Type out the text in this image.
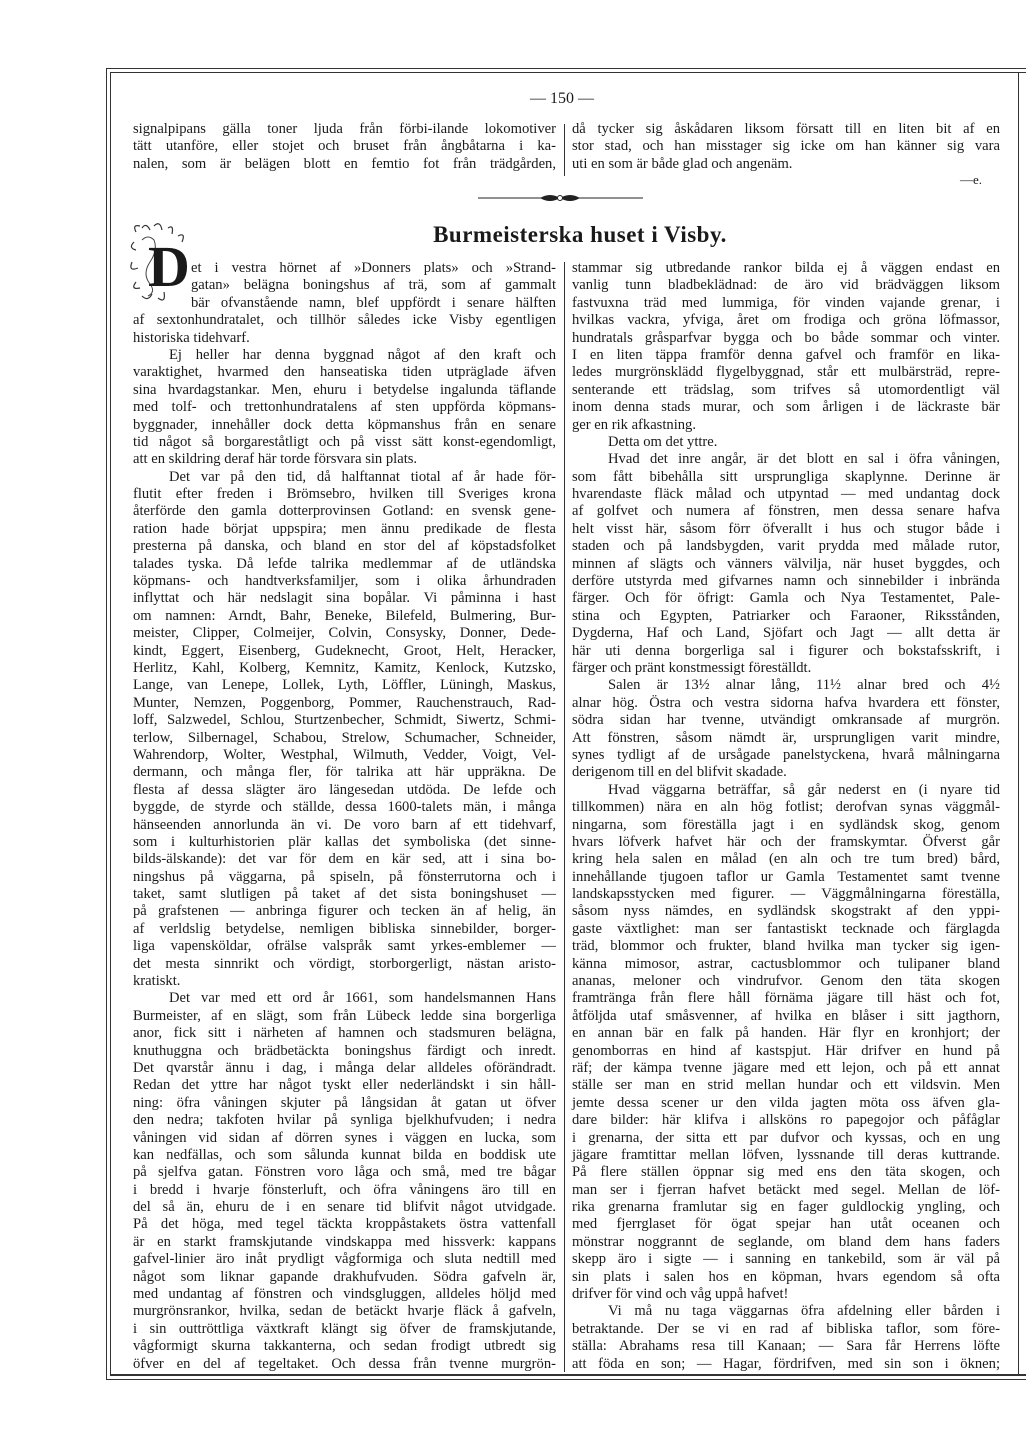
— 150 —
signalpipans gälla toner ljuda från förbi-ilande lokomotiver
tätt utanföre, eller stojet och bruset från ångbåtarna i ka-
nalen, som är belägen blott en femtio fot från trädgården,
då tycker sig åskådaren liksom försatt till en liten bit af en
stor stad, och han misstager sig icke om han känner sig vara
uti en som är både glad och angenäm.
—e.
D	Burmeisterska huset i Visby.
et i vestra hörnet af »Donners plats» och »Strand-
gatan» belägna boningshus af trä, som af gammalt
bär ofvanstående namn, blef uppfördt i senare hälften
af sextonhundratalet, och tillhör således icke Visby egentligen
historiska tidehvarf.
Ej heller har denna byggnad något af den kraft och
varaktighet, hvarmed den hanseatiska tiden utpräglade äfven
sina hvardagstankar. Men, ehuru i betydelse ingalunda täflande
med tolf- och trettonhundratalens af sten uppförda köpmans-
byggnader, innehåller dock detta köpmanshus från en senare
tid något så borgareståtligt och på visst sätt konst-egendomligt,
att en skildring deraf här torde försvara sin plats.
Det var på den tid, då halftannat tiotal af år hade för-
flutit efter freden i Brömsebro, hvilken till Sveriges krona
återförde den gamla dotterprovinsen Gotland: en svensk gene-
ration hade börjat uppspira; men ännu predikade de flesta
presterna på danska, och bland en stor del af köpstadsfolket
talades tyska. Då lefde talrika medlemmar af de utländska
köpmans- och handtverksfamiljer, som i olika århundraden
inflyttat och här nedslagit sina bopålar. Vi påminna i hast
om namnen: Arndt, Bahr, Beneke, Bilefeld, Bulmering, Bur-
meister, Clipper, Colmeijer, Colvin, Consysky, Donner, Dede-
kindt, Eggert, Eisenberg, Gudeknecht, Groot, Helt, Heracker,
Herlitz, Kahl, Kolberg, Kemnitz, Kamitz, Kenlock, Kutzsko,
Lange, van Lenepe, Lollek, Lyth, Löffler, Lüningh, Maskus,
Munter, Nemzen, Poggenborg, Pommer, Rauchenstrauch, Rad-
loff, Salzwedel, Schlou, Sturtzenbecher, Schmidt, Siwertz, Schmi-
terlow, Silbernagel, Schabou, Strelow, Schumacher, Schneider,
Wahrendorp, Wolter, Westphal, Wilmuth, Vedder, Voigt, Vel-
dermann, och många fler, för talrika att här uppräkna. De
flesta af dessa slägter äro längesedan utdöda. De lefde och
byggde, de styrde och ställde, dessa 1600-talets män, i många
hänseenden annorlunda än vi. De voro barn af ett tidehvarf,
som i kulturhistorien plär kallas det symboliska (det sinne-
bilds-älskande): det var för dem en kär sed, att i sina bo-
ningshus på väggarna, på spiseln, på fönsterrutorna och i
taket, samt slutligen på taket af det sista boningshuset —
på grafstenen — anbringa figurer och tecken än af helig, än
af verldslig betydelse, nemligen bibliska sinnebilder, borger-
liga vapensköldar, ofrälse valspråk samt yrkes-emblemer —
det mesta sinnrikt och vördigt, storborgerligt, nästan aristo-
kratiskt.
Det var med ett ord år 1661, som handelsmannen Hans
Burmeister, af en slägt, som från Lübeck ledde sina borgerliga
anor, fick sitt i närheten af hamnen och stadsmuren belägna,
knuthuggna och brädbetäckta boningshus färdigt och inredt.
Det qvarstår ännu i dag, i många delar alldeles oförändradt.
Redan det yttre har något tyskt eller nederländskt i sin håll-
ning: öfra våningen skjuter på långsidan åt gatan ut öfver
den nedra; takfoten hvilar på synliga bjelkhufvuden; i nedra
våningen vid sidan af dörren synes i väggen en lucka, som
kan nedfällas, och som sålunda kunnat bilda en boddisk ute
på sjelfva gatan. Fönstren voro låga och små, med tre bågar
i bredd i hvarje fönsterluft, och öfra våningens äro till en
del så än, ehuru de i en senare tid blifvit något utvidgade.
På det höga, med tegel täckta kroppåstakets östra vattenfall
är en starkt framskjutande vindskappa med hissverk: kappans
gafvel-linier äro inåt prydligt vågformiga och sluta nedtill med
något som liknar gapande drakhufvuden. Södra gafveln är,
med undantag af fönstren och vindsgluggen, alldeles höljd med
murgrönsrankor, hvilka, sedan de betäckt hvarje fläck å gafveln,
i sin outtröttliga växtkraft klängt sig öfver de framskjutande,
vågformigt skurna takkanterna, och sedan frodigt utbredt sig
öfver en del af tegeltaket. Och dessa från tvenne murgrön-
stammar sig utbredande rankor bilda ej å väggen endast en
vanlig tunn bladbeklädnad: de äro vid brädväggen liksom
fastvuxna träd med lummiga, för vinden vajande grenar, i
hvilkas vackra, yfviga, året om frodiga och gröna löfmassor,
hundratals gråsparfvar bygga och bo både sommar och vinter.
I en liten täppa framför denna gafvel och framför en lika-
ledes murgrönsklädd flygelbyggnad, står ett mulbärsträd, repre-
senterande ett trädslag, som trifves så utomordentligt väl
inom denna stads murar, och som årligen i de läckraste bär
ger en rik afkastning.
Detta om det yttre.
Hvad det inre angår, är det blott en sal i öfra våningen,
som fått bibehålla sitt ursprungliga skaplynne. Derinne är
hvarendaste fläck målad och utpyntad — med undantag dock
af golfvet och numera af fönstren, men dessa senare hafva
helt visst här, såsom förr öfverallt i hus och stugor både i
staden och på landsbygden, varit prydda med målade rutor,
minnen af slägts och vänners välvilja, när huset byggdes, och
derföre utstyrda med gifvarnes namn och sinnebilder i inbrända
färger. Och för öfrigt: Gamla och Nya Testamentet, Pale-
stina och Egypten, Patriarker och Faraoner, Riksstånden,
Dygderna, Haf och Land, Sjöfart och Jagt — allt detta är
här uti denna borgerliga sal i figurer och bokstafsskrift, i
färger och pränt konstmessigt föreställdt.
Salen är 13½ alnar lång, 11½ alnar bred och 4½
alnar hög. Östra och vestra sidorna hafva hvardera ett fönster,
södra sidan har tvenne, utvändigt omkransade af murgrön.
Att fönstren, såsom nämdt är, ursprungligen varit mindre,
synes tydligt af de ursågade panelstyckena, hvarå målningarna
derigenom till en del blifvit skadade.
Hvad väggarna beträffar, så går nederst en (i nyare tid
tillkommen) nära en aln hög fotlist; derofvan synas väggmål-
ningarna, som föreställa jagt i en sydländsk skog, genom
hvars löfverk hafvet här och der framskymtar. Öfverst går
kring hela salen en målad (en aln och tre tum bred) bård,
innehållande tjugoen taflor ur Gamla Testamentet samt tvenne
landskapsstycken med figurer. — Väggmålningarna föreställa,
såsom nyss nämdes, en sydländsk skogstrakt af den yppi-
gaste växtlighet: man ser fantastiskt tecknade och färglagda
träd, blommor och frukter, bland hvilka man tycker sig igen-
känna mimosor, astrar, cactusblommor och tulipaner bland
ananas, meloner och vindrufvor. Genom den täta skogen
framtränga från flere håll förnäma jägare till häst och fot,
åtföljda utaf småsvenner, af hvilka en blåser i sitt jagthorn,
en annan bär en falk på handen. Här flyr en kronhjort; der
genomborras en hind af kastspjut. Här drifver en hund på
räf; der kämpa tvenne jägare med ett lejon, och på ett annat
ställe ser man en strid mellan hundar och ett vildsvin. Men
jemte dessa scener ur den vilda jagten möta oss äfven gla-
dare bilder: här klifva i allsköns ro papegojor och påfåglar
i grenarna, der sitta ett par dufvor och kyssas, och en ung
jägare framtittar mellan löfven, lyssnande till deras kuttrande.
På flere ställen öppnar sig med ens den täta skogen, och
man ser i fjerran hafvet betäckt med segel. Mellan de löf-
rika grenarna framlutar sig en fager guldlockig yngling, och
med fjerrglaset för ögat spejar han utåt oceanen och
mönstrar noggrannt de seglande, om bland dem hans faders
skepp äro i sigte — i sanning en tankebild, som är väl på
sin plats i salen hos en köpman, hvars egendom så ofta
drifver för vind och våg uppå hafvet!
Vi må nu taga väggarnas öfra afdelning eller bården i
betraktande. Der se vi en rad af bibliska taflor, som före-
ställa: Abrahams resa till Kanaan; — Sara får Herrens löfte
att föda en son; — Hagar, fördrifven, med sin son i öknen;
